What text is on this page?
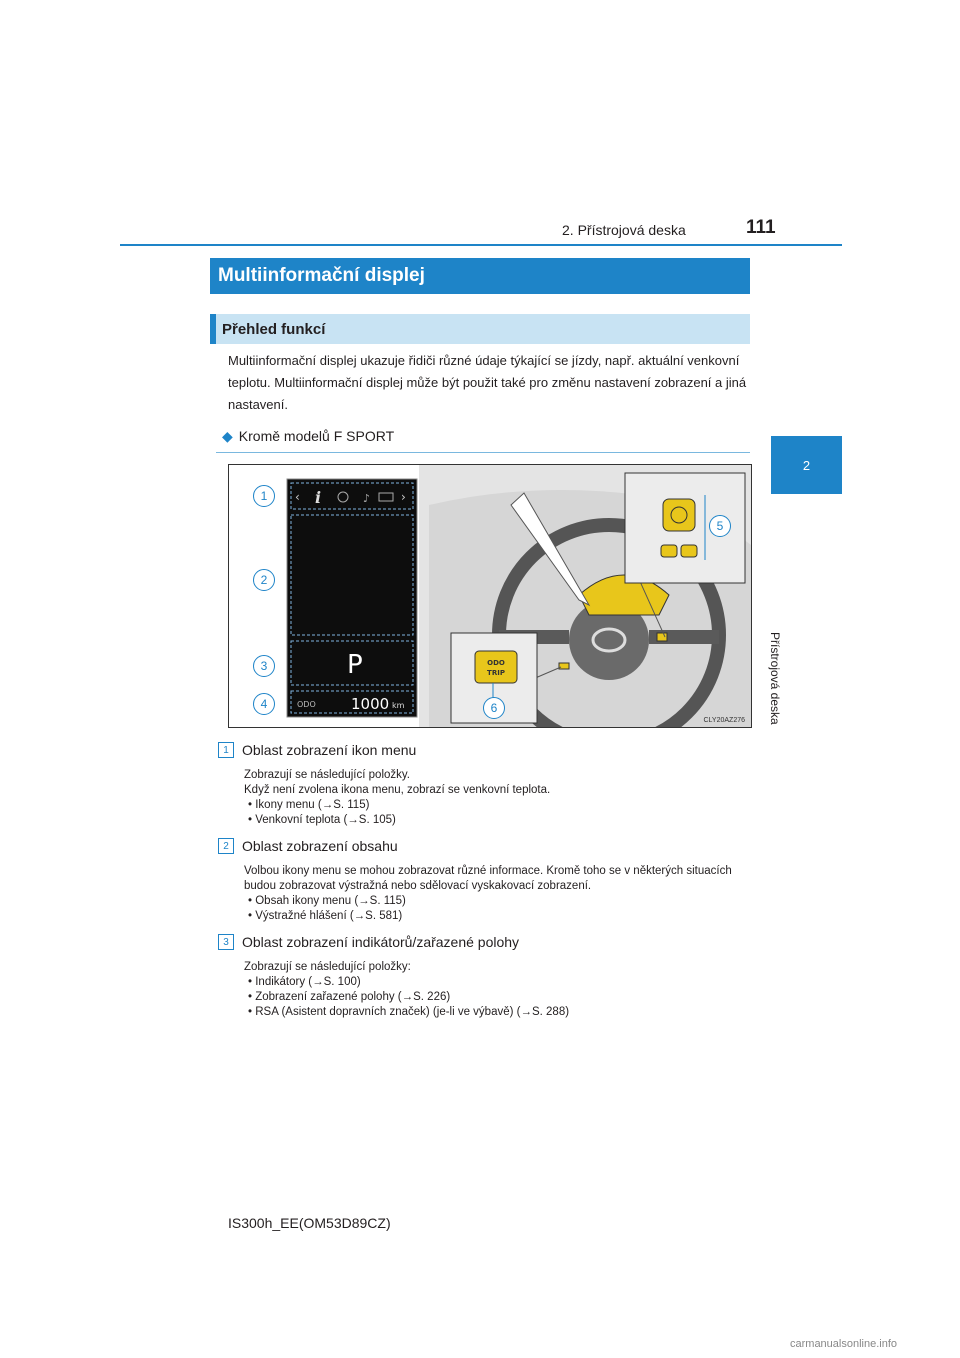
2. Přístrojová deska	111
2
Přístrojová deska
Multiinformační displej
Přehled funkcí
Multiinformační displej ukazuje řidiči různé údaje týkající se jízdy, např. aktuální venkovní teplotu. Multiinformační displej může být použit také pro změnu nastavení zobrazení a jiná nastavení.
◆ Kromě modelů F SPORT
‹ i	♪	›
P
ODO 1000 km
ODO
TRIP
1
2
3
4
5
6
CLY20AZ276
1 Oblast zobrazení ikon menu
Zobrazují se následující položky.
Když není zvolena ikona menu, zobrazí se venkovní teplota.
• Ikony menu (→S. 115)
• Venkovní teplota (→S. 105)
2 Oblast zobrazení obsahu
Volbou ikony menu se mohou zobrazovat různé informace. Kromě toho se v některých situacích budou zobrazovat výstražná nebo sdělovací vyskakovací zobrazení.
• Obsah ikony menu (→S. 115)
• Výstražné hlášení (→S. 581)
3 Oblast zobrazení indikátorů/zařazené polohy
Zobrazují se následující položky:
• Indikátory (→S. 100)
• Zobrazení zařazené polohy (→S. 226)
• RSA (Asistent dopravních značek) (je-li ve výbavě) (→S. 288)
IS300h_EE(OM53D89CZ)
carmanualsonline.info
